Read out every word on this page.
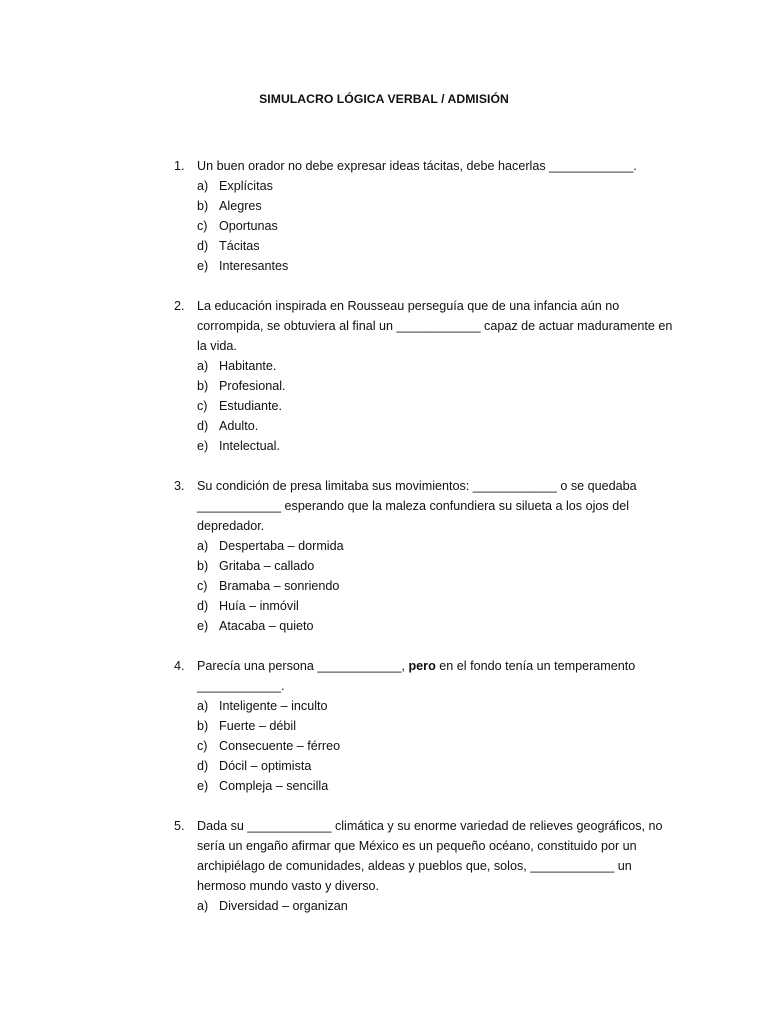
SIMULACRO LÓGICA VERBAL / ADMISIÓN
1. Un buen orador no debe expresar ideas tácitas, debe hacerlas ____________.
a) Explícitas
b) Alegres
c) Oportunas
d) Tácitas
e) Interesantes
2. La educación inspirada en Rousseau perseguía que de una infancia aún no corrompida, se obtuviera al final un ____________ capaz de actuar maduramente en la vida.
a) Habitante.
b) Profesional.
c) Estudiante.
d) Adulto.
e) Intelectual.
3. Su condición de presa limitaba sus movimientos: ____________ o se quedaba ____________ esperando que la maleza confundiera su silueta a los ojos del depredador.
a) Despertaba – dormida
b) Gritaba – callado
c) Bramaba – sonriendo
d) Huía – inmóvil
e) Atacaba – quieto
4. Parecía una persona ____________, pero en el fondo tenía un temperamento ____________.
a) Inteligente – inculto
b) Fuerte – débil
c) Consecuente – férreo
d) Dócil – optimista
e) Compleja – sencilla
5. Dada su ____________ climática y su enorme variedad de relieves geográficos, no sería un engaño afirmar que México es un pequeño océano, constituido por un archipiélago de comunidades, aldeas y pueblos que, solos, ____________ un hermoso mundo vasto y diverso.
a) Diversidad – organizan
